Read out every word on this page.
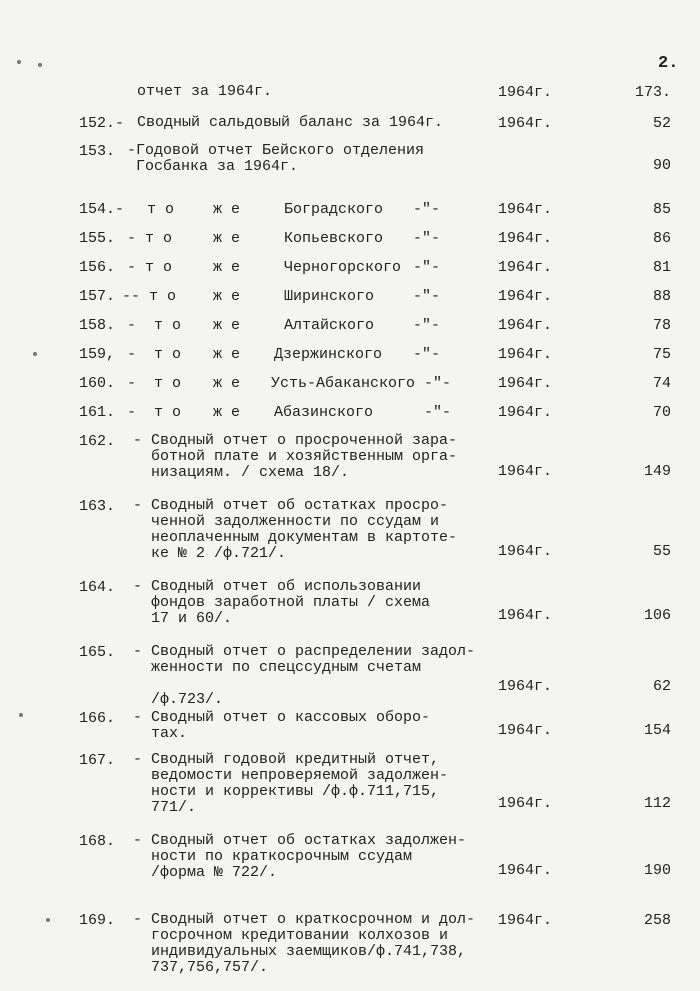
2.
отчет за 1964г.	1964г.	173.
152.- Сводный сальдовый баланс за 1964г.	1964г.	52
153. -Годовой отчет Бейского отделения
Госбанка за 1964г.	90
154.- т о	ж е	Боградского -"-	1964г.	85
155. - т о	ж е	Копьевского -"-	1964г.	86
156. - т о	ж е	Черногорского -"-	1964г.	81
157. -- т о ж е	Ширинского	-"-	1964г.	88
158. -  т о ж е	Алтайского	-"-	1964г.	78
159, -  т о ж е Дзержинского -"-	1964г.	75
160. -  т о ж е Усть-Абаканского -"-	1964г.	74
161. -  т о ж е Абазинского	-"-	1964г.	70
162. - Сводный отчет о просроченной зара-
ботной плате и хозяйственным орга-
низациям. / схема 18/.	1964г.	149
163. - Сводный отчет об остатках просро-
ченной задолженности по ссудам и
неоплаченным документам в картоте-
ке № 2 /ф.721/.	1964г.	55
164. - Сводный отчет об использовании
фондов заработной платы / схема
17 и 60/.	1964г.	106
165. - Сводный отчет о распределении задол-
женности по спецссудным счетам

/ф.723/.
1964г.	62
166. - Сводный отчет о кассовых оборо-
тах.	1964г.	154
167. - Сводный годовой кредитный отчет,
ведомости непроверяемой задолжен-
ности и коррективы /ф.ф.711,715,
771/.	1964г.	112
168. - Сводный отчет об остатках задолжен-
ности по краткосрочным ссудам
/форма № 722/.	1964г.	190
169. - Сводный отчет о краткосрочном и дол-
госрочном кредитовании колхозов и
индивидуальных заемщиков/ф.741,738,
737,756,757/.
1964г.	258
